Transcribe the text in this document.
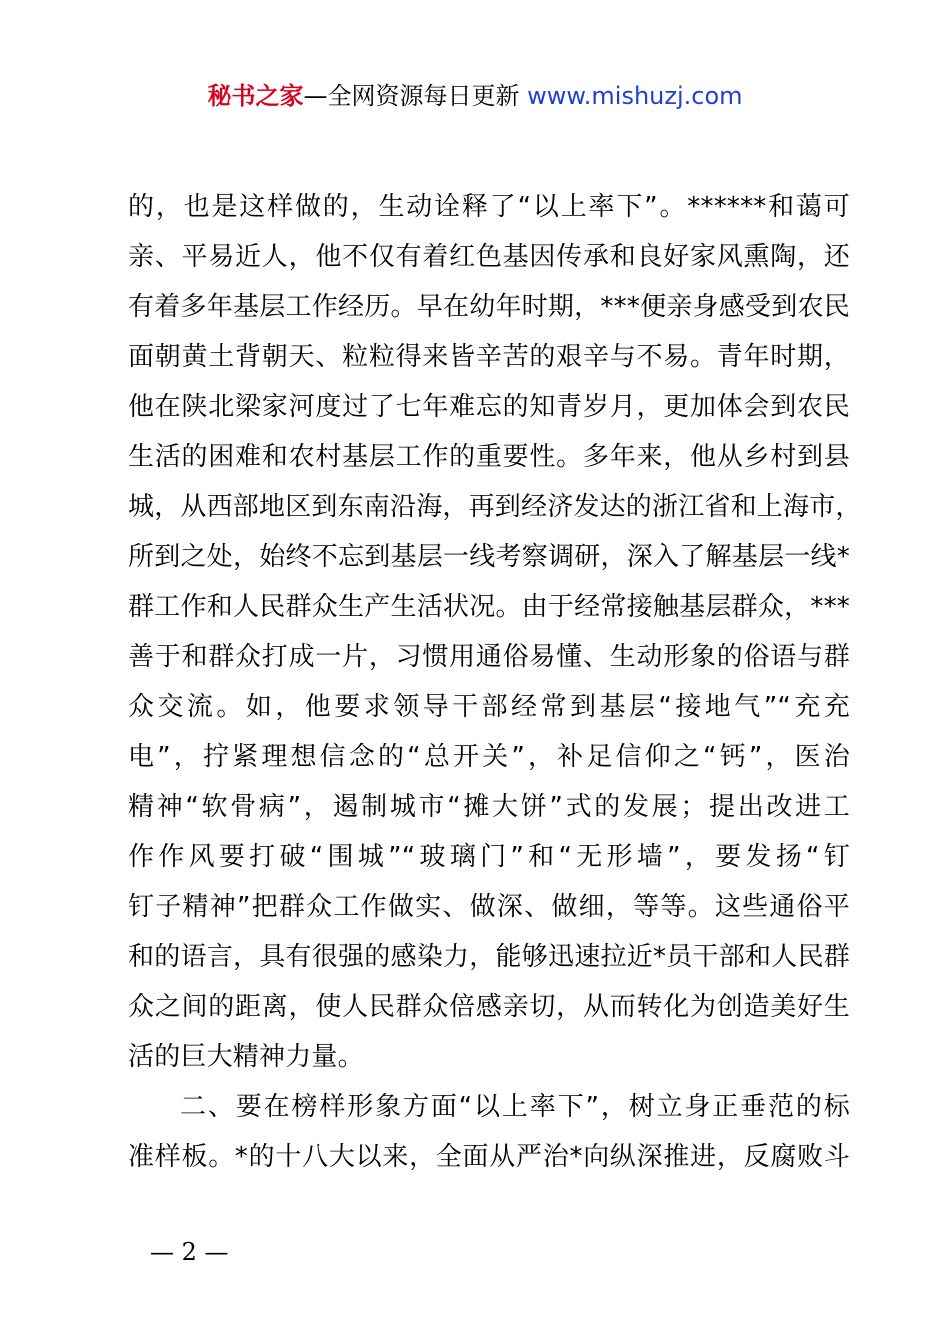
秘书之家—全网资源每日更新 www.mishuzj.com
的，也是这样做的，生动诠释了“以上率下”。******和蔼可
亲、平易近人，他不仅有着红色基因传承和良好家风熏陶，还
有着多年基层工作经历。早在幼年时期，***便亲身感受到农民
面朝黄土背朝天、粒粒得来皆辛苦的艰辛与不易。青年时期，
他在陕北梁家河度过了七年难忘的知青岁月，更加体会到农民
生活的困难和农村基层工作的重要性。多年来，他从乡村到县
城，从西部地区到东南沿海，再到经济发达的浙江省和上海市，
所到之处，始终不忘到基层一线考察调研，深入了解基层一线*
群工作和人民群众生产生活状况。由于经常接触基层群众，***
善于和群众打成一片，习惯用通俗易懂、生动形象的俗语与群
众交流。如，他要求领导干部经常到基层“接地气”“充充
电”，拧紧理想信念的“总开关”，补足信仰之“钙”，医治
精神“软骨病”，遏制城市“摊大饼”式的发展；提出改进工
作作风要打破“围城”“玻璃门”和“无形墙”，要发扬“钉
钉子精神”把群众工作做实、做深、做细，等等。这些通俗平
和的语言，具有很强的感染力，能够迅速拉近*员干部和人民群
众之间的距离，使人民群众倍感亲切，从而转化为创造美好生
活的巨大精神力量。
二、要在榜样形象方面“以上率下”，树立身正垂范的标
准样板。*的十八大以来，全面从严治*向纵深推进，反腐败斗
— 2 —
